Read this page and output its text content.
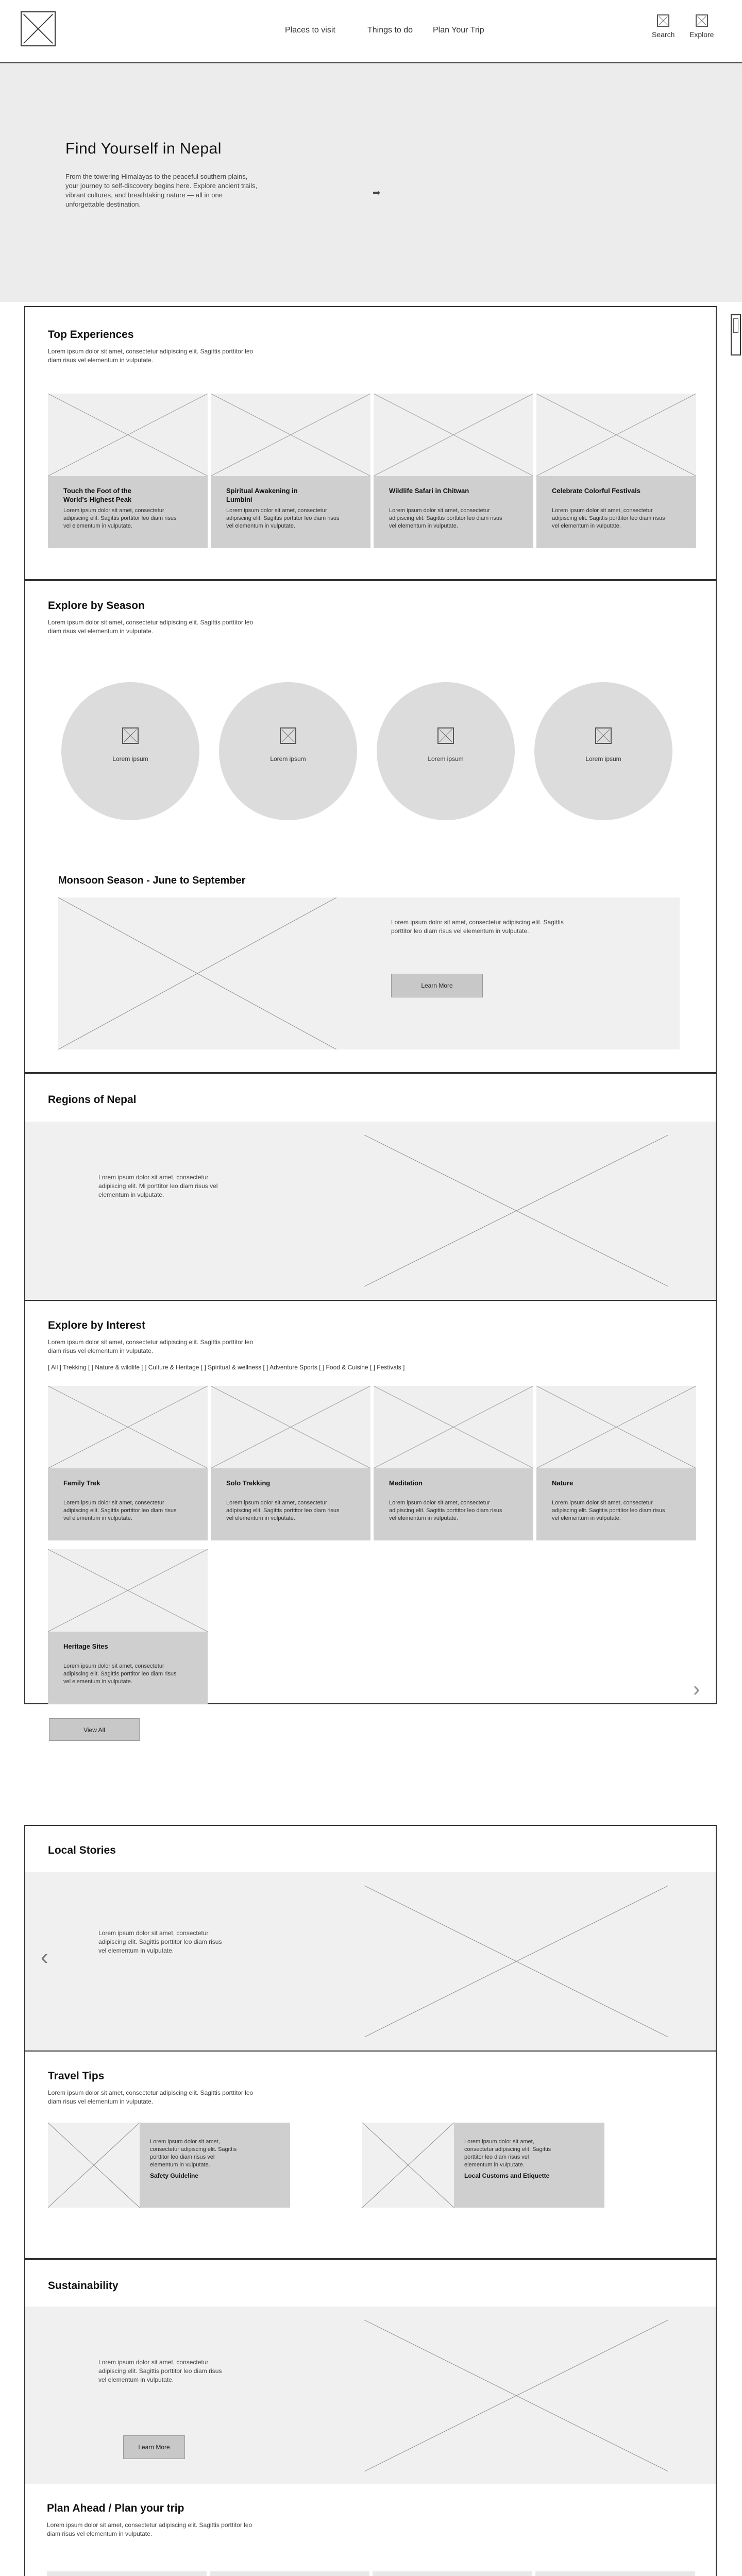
Places to visit	Things to do Plan Your Trip	Search Explore
Find Yourself in Nepal

From the towering Himalayas to the peaceful southern plains, your journey to self-discovery begins here. Explore ancient trails, vibrant cultures, and breathtaking nature — all in one unforgettable destination.

➡︎
Top Experiences
Lorem ipsum dolor sit amet, consectetur adipiscing elit. Sagittis porttitor leo diam risus vel elementum in vulputate.
Touch the Foot of the World's Highest Peak
Lorem ipsum dolor sit amet, consectetur adipiscing elit. Sagittis porttitor leo diam risus vel elementum in vulputate.
Spiritual Awakening in Lumbini
Lorem ipsum dolor sit amet, consectetur adipiscing elit. Sagittis porttitor leo diam risus vel elementum in vulputate.
Wildlife Safari in Chitwan
Lorem ipsum dolor sit amet, consectetur adipiscing elit. Sagittis porttitor leo diam risus vel elementum in vulputate.
Celebrate Colorful Festivals
Lorem ipsum dolor sit amet, consectetur adipiscing elit. Sagittis porttitor leo diam risus vel elementum in vulputate.
Explore by Season
Lorem ipsum dolor sit amet, consectetur adipiscing elit. Sagittis porttitor leo diam risus vel elementum in vulputate.
Lorem ipsum	Lorem ipsum	Lorem ipsum	Lorem ipsum
Monsoon Season - June to September
Lorem ipsum dolor sit amet, consectetur adipiscing elit. Sagittis porttitor leo diam risus vel elementum in vulputate.
Learn More
Regions of Nepal
Lorem ipsum dolor sit amet, consectetur adipiscing elit. Mi porttitor leo diam risus vel elementum in vulputate.
Explore by Interest
Lorem ipsum dolor sit amet, consectetur adipiscing elit. Sagittis porttitor leo diam risus vel elementum in vulputate.
[ All ] Trekking [ ] Nature & wildlife [ ] Culture & Heritage [ ] Spiritual & wellness [ ] Adventure Sports [ ] Food & Cuisine [ ] Festivals ]
Family Trek
Lorem ipsum dolor sit amet, consectetur adipiscing elit. Sagittis porttitor leo diam risus vel elementum in vulputate.
Solo Trekking
Lorem ipsum dolor sit amet, consectetur adipiscing elit. Sagittis porttitor leo diam risus vel elementum in vulputate.
Meditation
Lorem ipsum dolor sit amet, consectetur adipiscing elit. Sagittis porttitor leo diam risus vel elementum in vulputate.
Nature
Lorem ipsum dolor sit amet, consectetur adipiscing elit. Sagittis porttitor leo diam risus vel elementum in vulputate.
Heritage Sites
Lorem ipsum dolor sit amet, consectetur adipiscing elit. Sagittis porttitor leo diam risus vel elementum in vulputate.
View All
›
Local Stories
‹
Lorem ipsum dolor sit amet, consectetur adipiscing elit. Sagittis porttitor leo diam risus vel elementum in vulputate.
Travel Tips
Lorem ipsum dolor sit amet, consectetur adipiscing elit. Sagittis porttitor leo diam risus vel elementum in vulputate.
Lorem ipsum dolor sit amet, consectetur adipiscing elit. Sagittis porttitor leo diam risus vel elementum in vulputate.
Safety Guideline
Lorem ipsum dolor sit amet, consectetur adipiscing elit. Sagittis porttitor leo diam risus vel elementum in vulputate.
Local Customs and Etiquette
Sustainability
Lorem ipsum dolor sit amet, consectetur adipiscing elit. Sagittis porttitor leo diam risus vel elementum in vulputate.
Learn More
Plan Ahead / Plan your trip
Lorem ipsum dolor sit amet, consectetur adipiscing elit. Sagittis porttitor leo diam risus vel elementum in vulputate.
